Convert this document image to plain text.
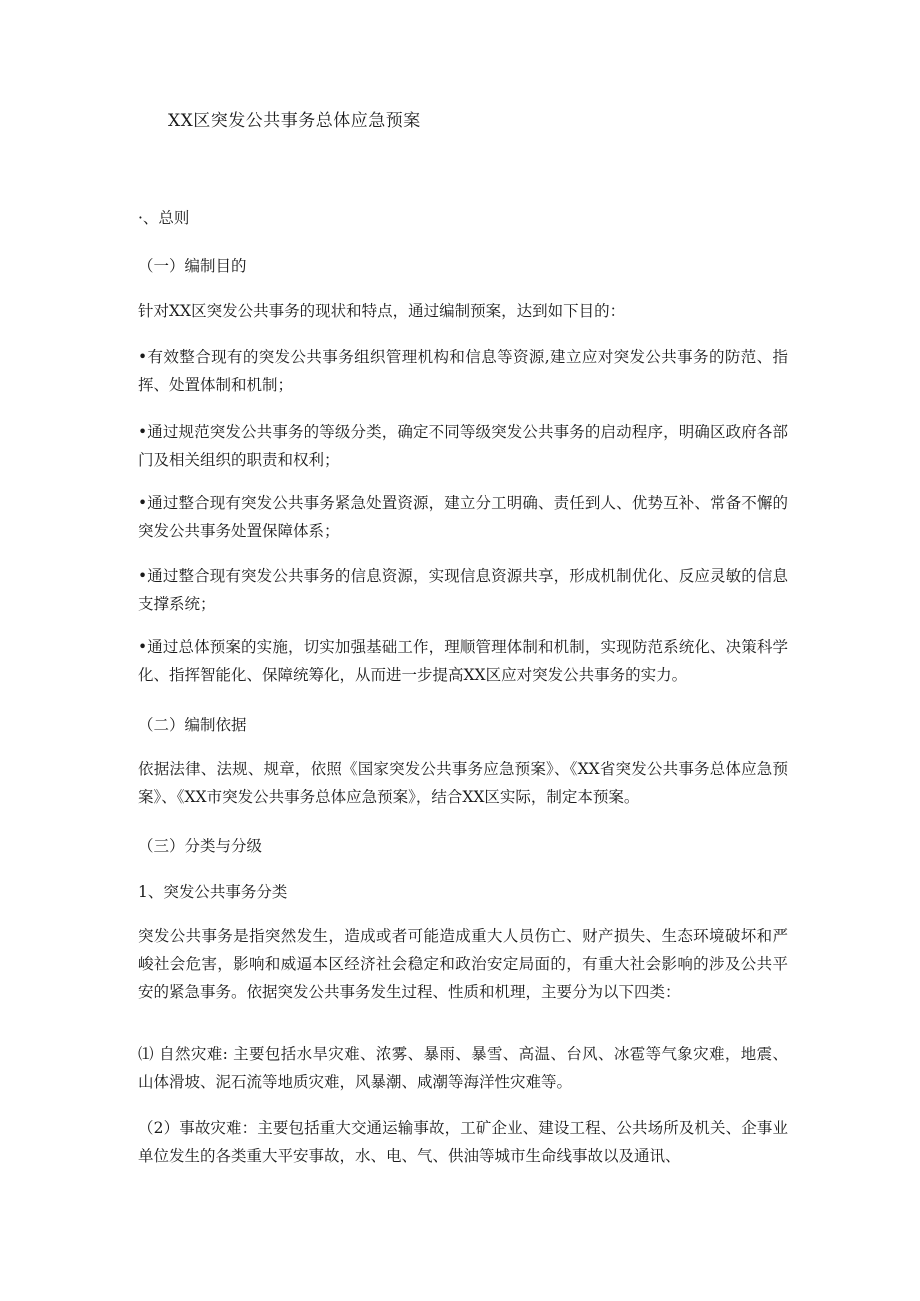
XX区突发公共事务总体应急预案
·、总则
（一）编制目的
针对XX区突发公共事务的现状和特点，通过编制预案，达到如下目的：
•有效整合现有的突发公共事务组织管理机构和信息等资源,建立应对突发公共事务的防范、指挥、处置体制和机制；
•通过规范突发公共事务的等级分类，确定不同等级突发公共事务的启动程序，明确区政府各部门及相关组织的职责和权利；
•通过整合现有突发公共事务紧急处置资源，建立分工明确、责任到人、优势互补、常备不懈的突发公共事务处置保障体系；
•通过整合现有突发公共事务的信息资源，实现信息资源共享，形成机制优化、反应灵敏的信息支撑系统；
•通过总体预案的实施，切实加强基础工作，理顺管理体制和机制，实现防范系统化、决策科学化、指挥智能化、保障统筹化，从而进一步提高XX区应对突发公共事务的实力。
（二）编制依据
依据法律、法规、规章，依照《国家突发公共事务应急预案》、《XX省突发公共事务总体应急预案》、《XX市突发公共事务总体应急预案》，结合XX区实际，制定本预案。
（三）分类与分级
1、突发公共事务分类
突发公共事务是指突然发生，造成或者可能造成重大人员伤亡、财产损失、生态环境破坏和严峻社会危害，影响和威逼本区经济社会稳定和政治安定局面的，有重大社会影响的涉及公共平安的紧急事务。依据突发公共事务发生过程、性质和机理，主要分为以下四类：
⑴ 自然灾难: 主要包括水旱灾难、浓雾、暴雨、暴雪、高温、台风、冰雹等气象灾难，地震、山体滑坡、泥石流等地质灾难，风暴潮、咸潮等海洋性灾难等。
（2）事故灾难：主要包括重大交通运输事故，工矿企业、建设工程、公共场所及机关、企事业单位发生的各类重大平安事故，水、电、气、供油等城市生命线事故以及通讯、
